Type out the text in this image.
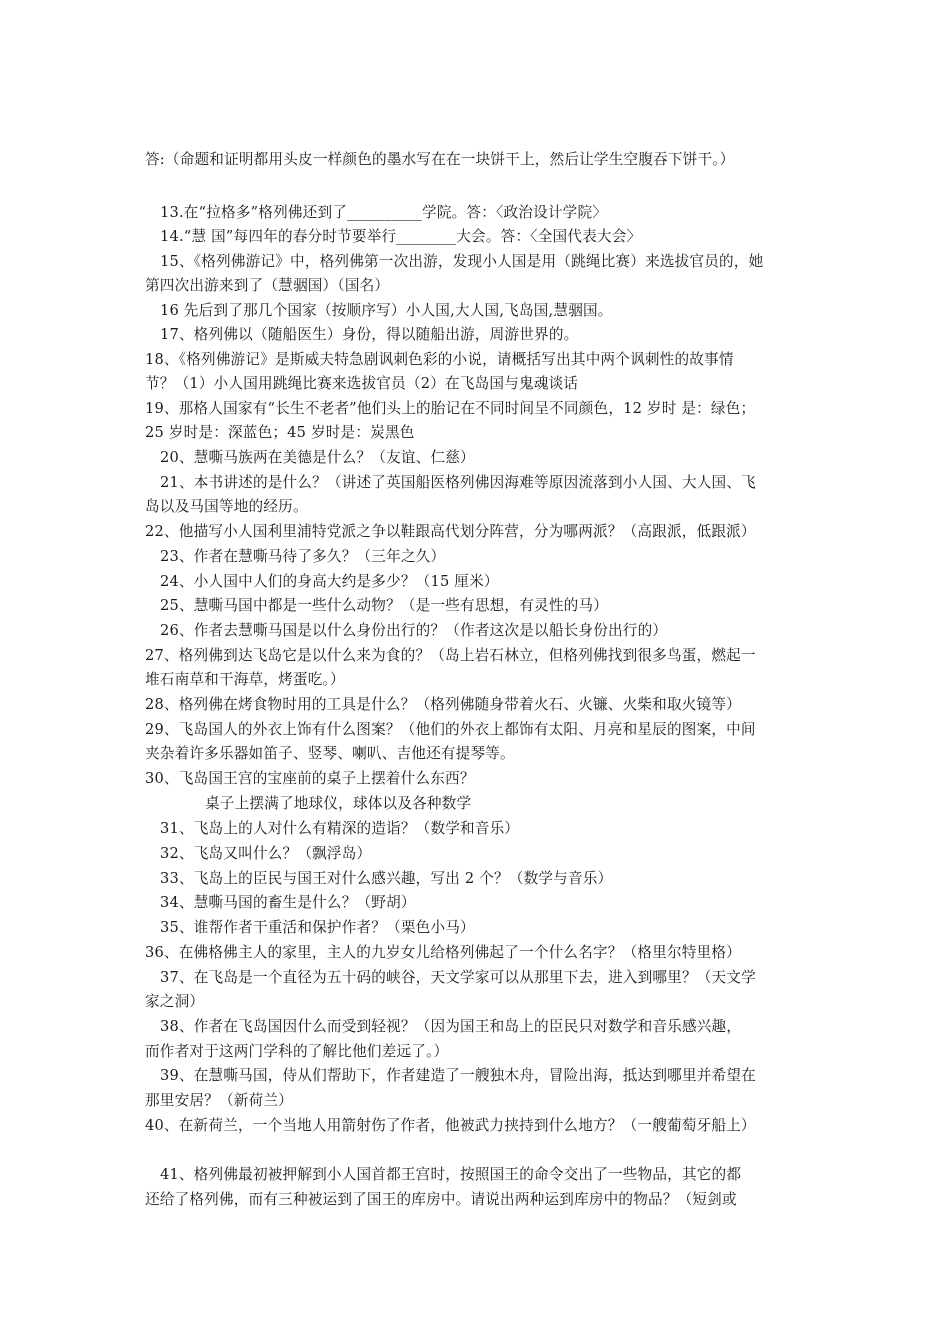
答:（命题和证明都用头皮一样颜色的墨水写在在一块饼干上，然后让学生空腹吞下饼干。）
13.在“拉格多”格列佛还到了__________学院。答：〈政治设计学院〉
14.“慧 国”每四年的春分时节要举行________大会。答：〈全国代表大会〉
15、《格列佛游记》中，格列佛第一次出游，发现小人国是用（跳绳比赛）来选拔官员的，她
第四次出游来到了（慧骃国）（国名）
16 先后到了那几个国家（按顺序写）小人国,大人国,飞岛国,慧骃国。
17、格列佛以（随船医生）身份，得以随船出游，周游世界的。
18、《格列佛游记》是斯威夫特急剧讽刺色彩的小说，请概括写出其中两个讽刺性的故事情
节？（1）小人国用跳绳比赛来选拔官员（2）在飞岛国与鬼魂谈话
19、那格人国家有“长生不老者”他们头上的胎记在不同时间呈不同颜色，12 岁时 是：绿色；
25 岁时是：深蓝色；45 岁时是：炭黑色
20、慧嘶马族两在美德是什么？（友谊、仁慈）
21、本书讲述的是什么？（讲述了英国船医格列佛因海难等原因流落到小人国、大人国、飞
岛以及马国等地的经历。
22、他描写小人国利里浦特党派之争以鞋跟高代划分阵营，分为哪两派？（高跟派，低跟派）
23、作者在慧嘶马待了多久？（三年之久）
24、小人国中人们的身高大约是多少？（15 厘米）
25、慧嘶马国中都是一些什么动物？（是一些有思想，有灵性的马）
26、作者去慧嘶马国是以什么身份出行的？（作者这次是以船长身份出行的）
27、格列佛到达飞岛它是以什么来为食的？（岛上岩石林立，但格列佛找到很多鸟蛋，燃起一
堆石南草和干海草，烤蛋吃。）
28、格列佛在烤食物时用的工具是什么？（格列佛随身带着火石、火镰、火柴和取火镜等）
29、飞岛国人的外衣上饰有什么图案？（他们的外衣上都饰有太阳、月亮和星辰的图案，中间
夹杂着许多乐器如笛子、竖琴、喇叭、吉他还有提琴等。
30、飞岛国王宫的宝座前的桌子上摆着什么东西？
桌子上摆满了地球仪，球体以及各种数学
31、飞岛上的人对什么有精深的造诣？（数学和音乐）
32、飞岛又叫什么？（飘浮岛）
33、飞岛上的臣民与国王对什么感兴趣，写出 2 个？（数学与音乐）
34、慧嘶马国的畜生是什么？（野胡）
35、谁帮作者干重活和保护作者？（栗色小马）
36、在佛格佛主人的家里，主人的九岁女儿给格列佛起了一个什么名字？（格里尔特里格）
37、在飞岛是一个直径为五十码的峡谷，天文学家可以从那里下去，进入到哪里？（天文学
家之洞）
38、作者在飞岛国因什么而受到轻视？（因为国王和岛上的臣民只对数学和音乐感兴趣，
而作者对于这两门学科的了解比他们差远了。）
39、在慧嘶马国，侍从们帮助下，作者建造了一艘独木舟，冒险出海，抵达到哪里并希望在
那里安居？（新荷兰）
40、在新荷兰，一个当地人用箭射伤了作者，他被武力挟持到什么地方？（一艘葡萄牙船上）
41、格列佛最初被押解到小人国首都王宫时，按照国王的命令交出了一些物品，其它的都
还给了格列佛，而有三种被运到了国王的库房中。请说出两种运到库房中的物品？（短剑或
